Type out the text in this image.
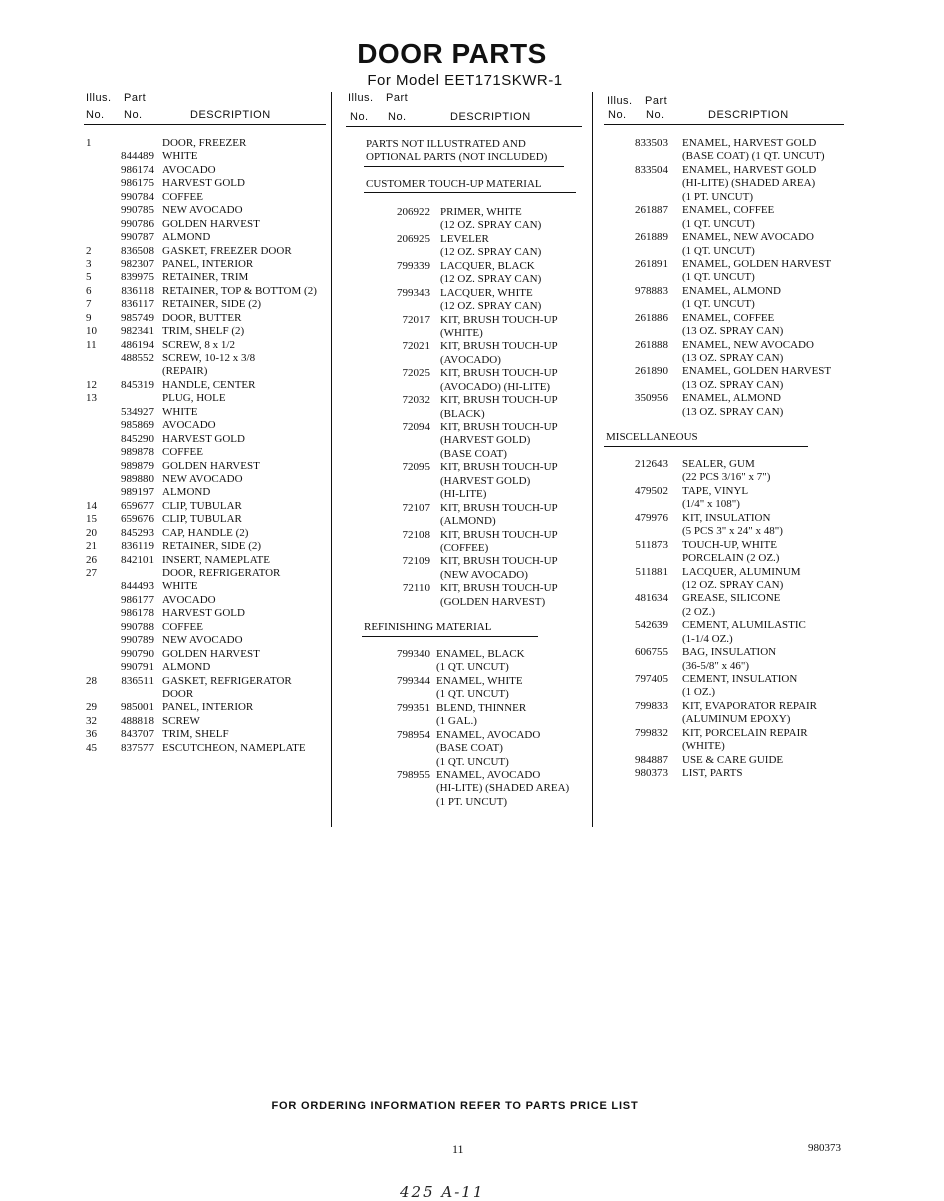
DOOR PARTS
For Model EET171SKWR-1
Illus. Part
No. No.	DESCRIPTION
Illus. Part
No. No.	DESCRIPTION
Illus. Part
No. No.	DESCRIPTION
1	DOOR, FREEZER
844489 WHITE
986174 AVOCADO
986175 HARVEST GOLD
990784 COFFEE
990785 NEW AVOCADO
990786 GOLDEN HARVEST
990787 ALMOND
2	836508 GASKET, FREEZER DOOR
3	982307 PANEL, INTERIOR
5	839975 RETAINER, TRIM
6	836118 RETAINER, TOP & BOTTOM (2)
7	836117 RETAINER, SIDE (2)
9	985749 DOOR, BUTTER
10	982341 TRIM, SHELF (2)
11	486194 SCREW, 8 x 1/2
488552 SCREW, 10-12 x 3/8
(REPAIR)
12	845319 HANDLE, CENTER
13	PLUG, HOLE
534927 WHITE
985869 AVOCADO
845290 HARVEST GOLD
989878 COFFEE
989879 GOLDEN HARVEST
989880 NEW AVOCADO
989197 ALMOND
14	659677 CLIP, TUBULAR
15	659676 CLIP, TUBULAR
20	845293 CAP, HANDLE (2)
21	836119 RETAINER, SIDE (2)
26	842101 INSERT, NAMEPLATE
27	DOOR, REFRIGERATOR
844493 WHITE
986177 AVOCADO
986178 HARVEST GOLD
990788 COFFEE
990789 NEW AVOCADO
990790 GOLDEN HARVEST
990791 ALMOND
28	836511 GASKET, REFRIGERATOR
DOOR
29	985001 PANEL, INTERIOR
32	488818 SCREW
36	843707 TRIM, SHELF
45	837577 ESCUTCHEON, NAMEPLATE
PARTS NOT ILLUSTRATED AND
OPTIONAL PARTS (NOT INCLUDED)
CUSTOMER TOUCH-UP MATERIAL
206922 PRIMER, WHITE
(12 OZ. SPRAY CAN)
206925 LEVELER
(12 OZ. SPRAY CAN)
799339 LACQUER, BLACK
(12 OZ. SPRAY CAN)
799343 LACQUER, WHITE
(12 OZ. SPRAY CAN)
72017 KIT, BRUSH TOUCH-UP
(WHITE)
72021 KIT, BRUSH TOUCH-UP
(AVOCADO)
72025 KIT, BRUSH TOUCH-UP
(AVOCADO) (HI-LITE)
72032 KIT, BRUSH TOUCH-UP
(BLACK)
72094 KIT, BRUSH TOUCH-UP
(HARVEST GOLD)
(BASE COAT)
72095 KIT, BRUSH TOUCH-UP
(HARVEST GOLD)
(HI-LITE)
72107 KIT, BRUSH TOUCH-UP
(ALMOND)
72108 KIT, BRUSH TOUCH-UP
(COFFEE)
72109 KIT, BRUSH TOUCH-UP
(NEW AVOCADO)
72110 KIT, BRUSH TOUCH-UP
(GOLDEN HARVEST)
REFINISHING MATERIAL
799340 ENAMEL, BLACK
(1 QT. UNCUT)
799344 ENAMEL, WHITE
(1 QT. UNCUT)
799351 BLEND, THINNER
(1 GAL.)
798954 ENAMEL, AVOCADO
(BASE COAT)
(1 QT. UNCUT)
798955 ENAMEL, AVOCADO
(HI-LITE) (SHADED AREA)
(1 PT. UNCUT)
833503 ENAMEL, HARVEST GOLD
(BASE COAT) (1 QT. UNCUT)
833504 ENAMEL, HARVEST GOLD
(HI-LITE) (SHADED AREA)
(1 PT. UNCUT)
261887 ENAMEL, COFFEE
(1 QT. UNCUT)
261889 ENAMEL, NEW AVOCADO
(1 QT. UNCUT)
261891 ENAMEL, GOLDEN HARVEST
(1 QT. UNCUT)
978883 ENAMEL, ALMOND
(1 QT. UNCUT)
261886 ENAMEL, COFFEE
(13 OZ. SPRAY CAN)
261888 ENAMEL, NEW AVOCADO
(13 OZ. SPRAY CAN)
261890 ENAMEL, GOLDEN HARVEST
(13 OZ. SPRAY CAN)
350956 ENAMEL, ALMOND
(13 OZ. SPRAY CAN)
MISCELLANEOUS
212643 SEALER, GUM
(22 PCS 3/16" x 7")
479502 TAPE, VINYL
(1/4" x 108")
479976 KIT, INSULATION
(5 PCS 3" x 24" x 48")
511873 TOUCH-UP, WHITE
PORCELAIN (2 OZ.)
511881 LACQUER, ALUMINUM
(12 OZ. SPRAY CAN)
481634 GREASE, SILICONE
(2 OZ.)
542639 CEMENT, ALUMILASTIC
(1-1/4 OZ.)
606755 BAG, INSULATION
(36-5/8" x 46")
797405 CEMENT, INSULATION
(1 OZ.)
799833 KIT, EVAPORATOR REPAIR
(ALUMINUM EPOXY)
799832 KIT, PORCELAIN REPAIR
(WHITE)
984887 USE & CARE GUIDE
980373 LIST, PARTS
FOR ORDERING INFORMATION REFER TO PARTS PRICE LIST
11	980373
425 A-11
